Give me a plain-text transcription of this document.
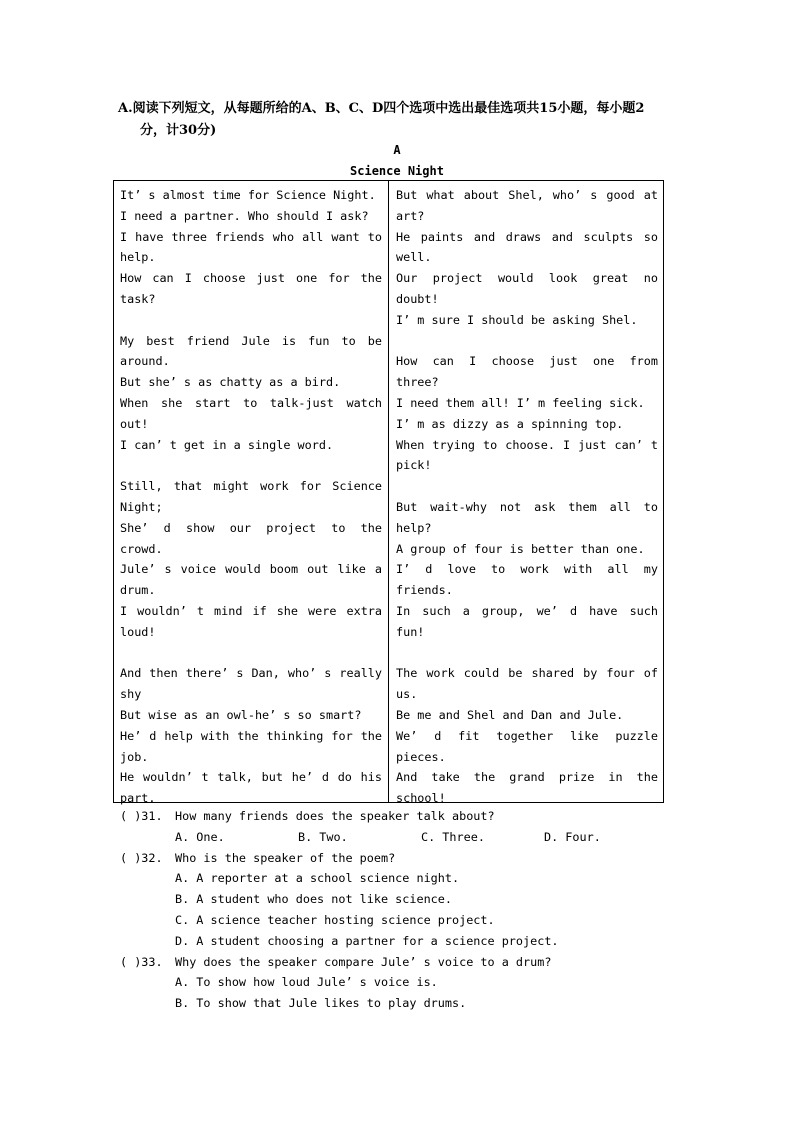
A.阅读下列短文，从每题所给的A、B、C、D四个选项中选出最佳选项共15小题，每小题2
分，计30分)
A
Science Night

It’ s almost time for Science Night.

I need a partner. Who should I ask?

I have three friends who all want to help.

How can I choose just one for the task?

My best friend Jule is fun to be around.

But she’ s as chatty as a bird.

When she start to talk-just watch out!

I can’ t get in a single word.

Still, that might work for Science Night;

She’ d show our project to the crowd.

Jule’ s voice would boom out like a drum.

I wouldn’ t mind if she were extra loud!

And then there’ s Dan, who’ s really shy

But wise as an owl-he’ s so smart?

He’ d help with the thinking for the job.

He wouldn’ t talk, but he’ d do his part.

But what about Shel, who’ s good at art?

He paints and draws and sculpts so well.

Our project would look great no doubt!

I’ m sure I should be asking Shel.

How can I choose just one from three?

I need them all! I’ m feeling sick.

I’ m as dizzy as a spinning top.

When trying to choose. I just can’ t pick!

But wait-why not ask them all to help?

A group of four is better than one.

I’ d love to work with all my friends.

In such a group, we’ d have such fun!

The work could be shared by four of us.

Be me and Shel and Dan and Jule.

We’ d fit together like puzzle pieces.

And take the grand prize in the school!

( )31.	How many friends does the speaker talk about?
A. One.	B. Two.	C. Three.	D. Four.
( )32.	Who is the speaker of the poem?
A. A reporter at a school science night.
B. A student who does not like science.
C. A science teacher hosting science project.
D. A student choosing a partner for a science project.
( )33.	Why does the speaker compare Jule’ s voice to a drum?
A. To show how loud Jule’ s voice is.
B. To show that Jule likes to play drums.
